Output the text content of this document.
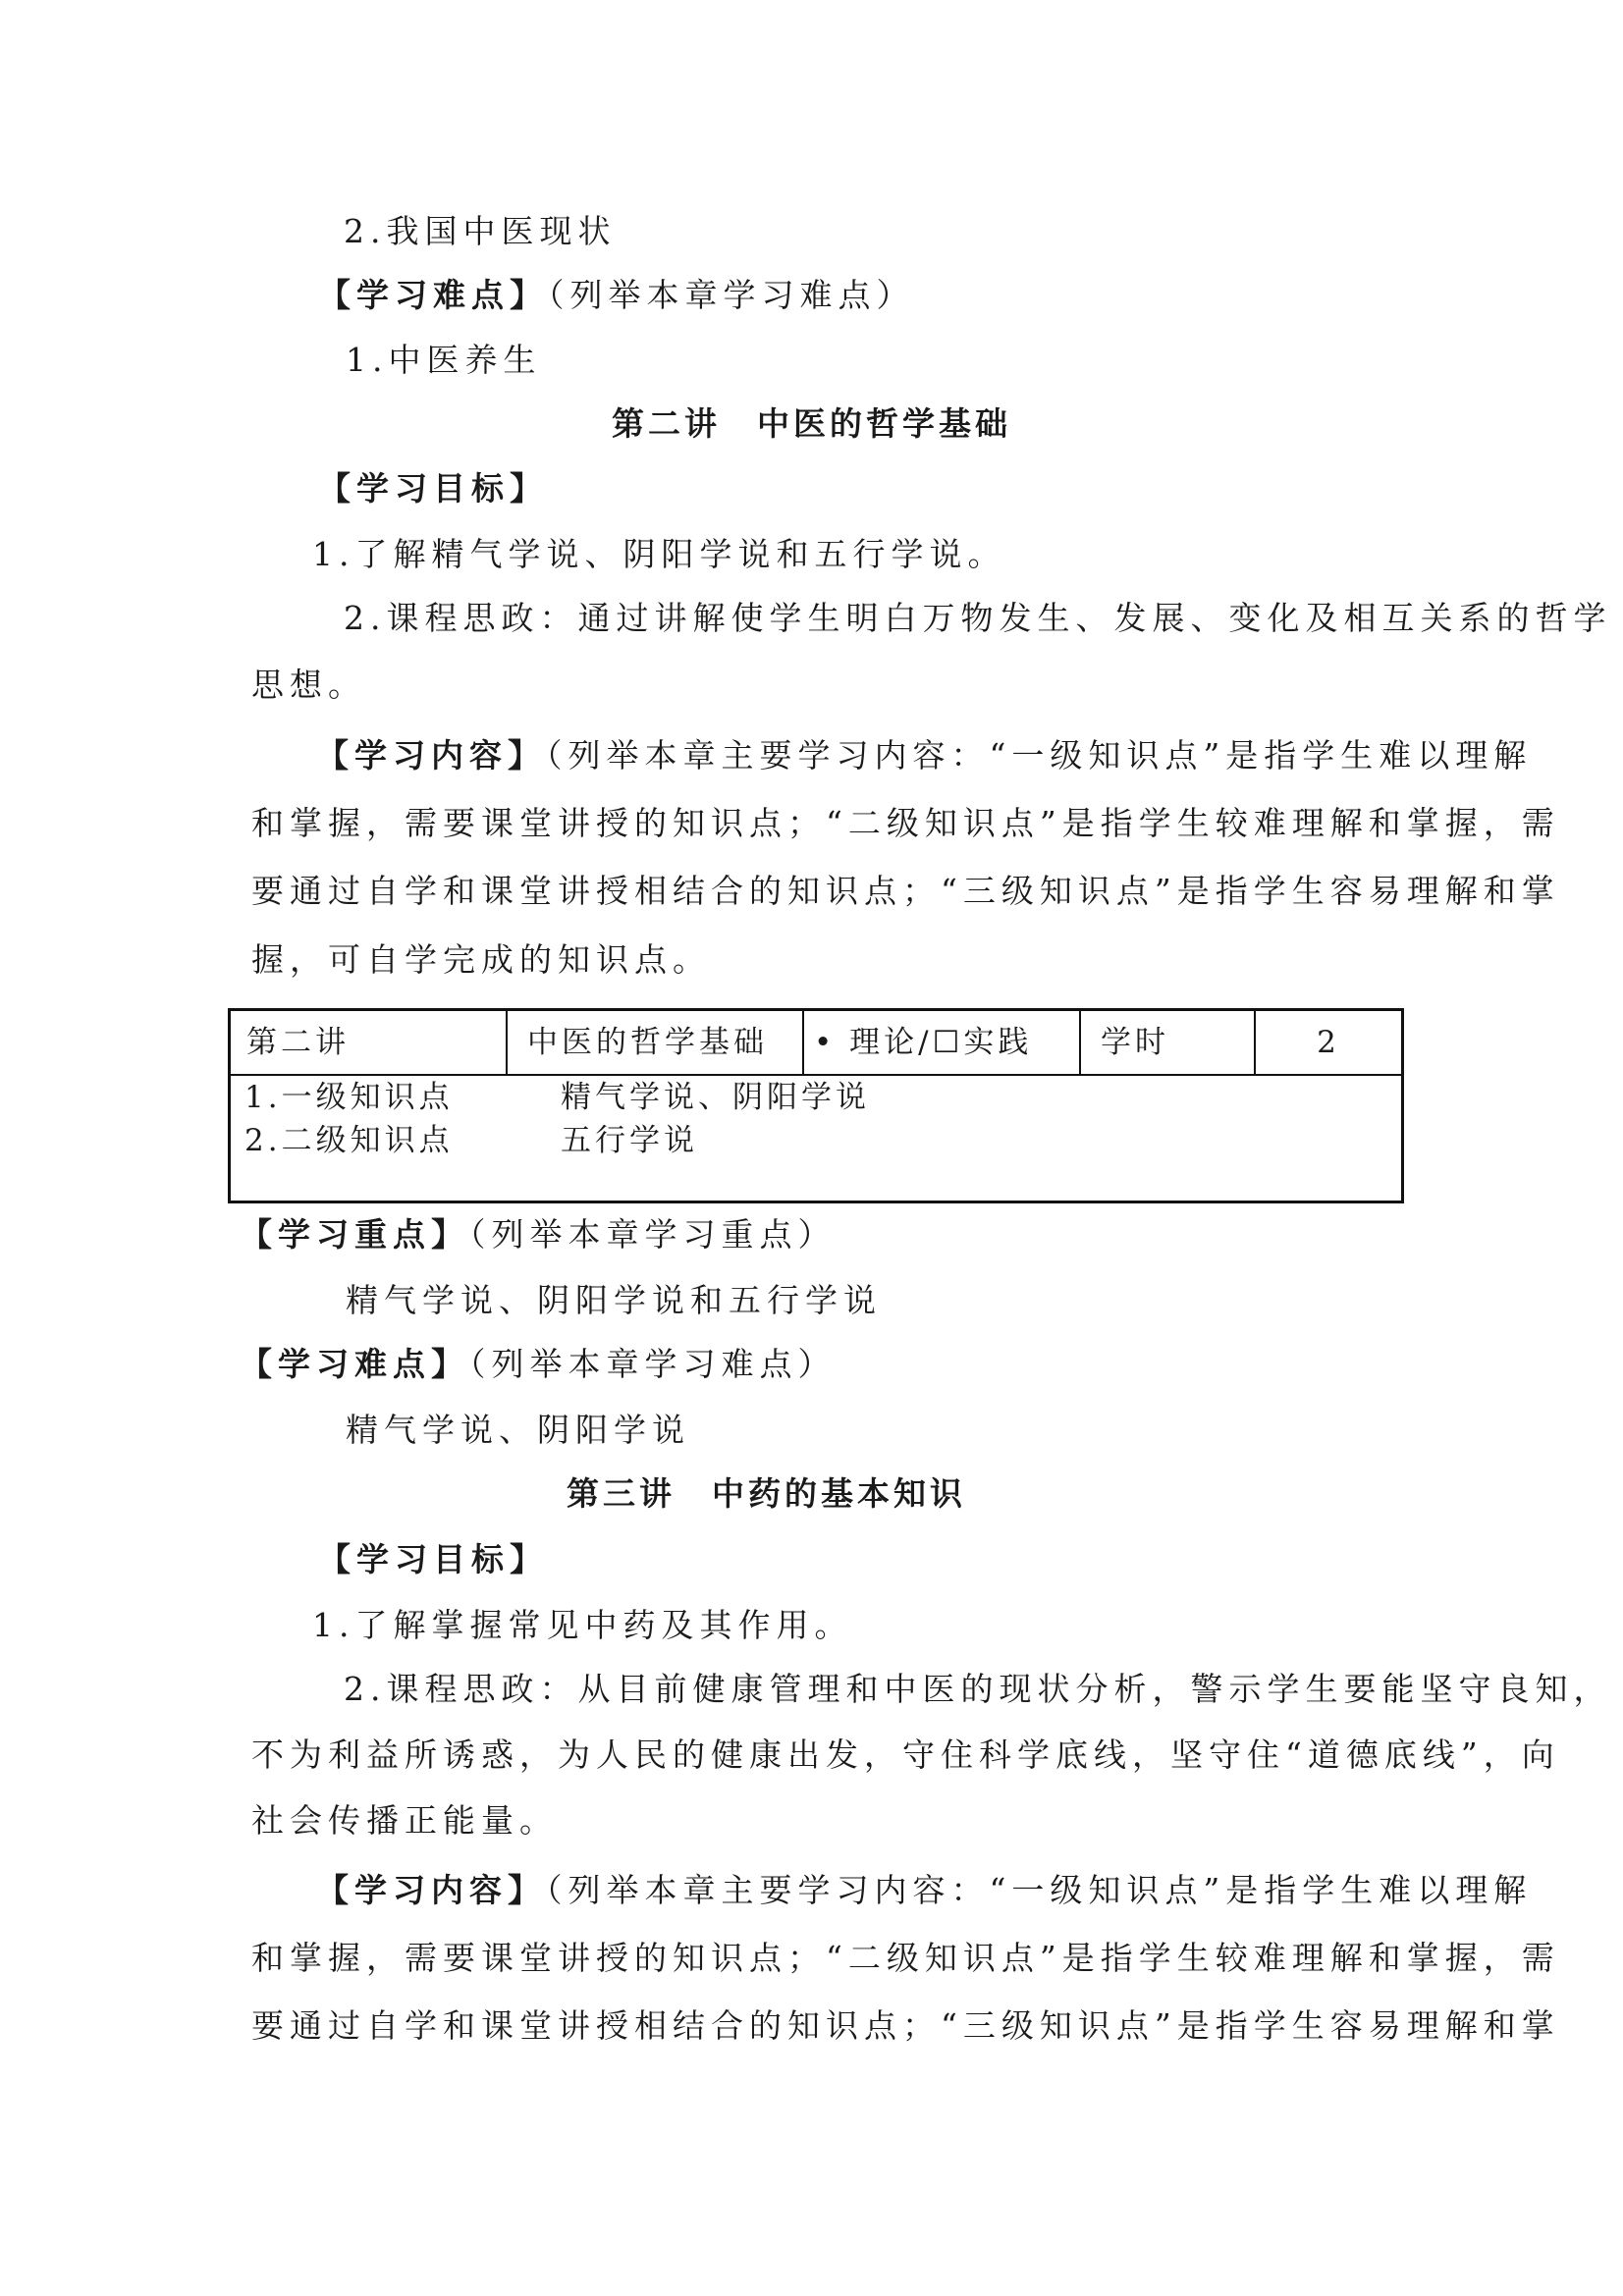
2.我国中医现状
【学习难点】（列举本章学习难点）
1.中医养生
第二讲　中医的哲学基础
【学习目标】
1.了解精气学说、阴阳学说和五行学说。
2.课程思政：通过讲解使学生明白万物发生、发展、变化及相互关系的哲学
思想。
【学习内容】（列举本章主要学习内容：“一级知识点”是指学生难以理解
和掌握，需要课堂讲授的知识点；“二级知识点”是指学生较难理解和掌握，需
要通过自学和课堂讲授相结合的知识点；“三级知识点”是指学生容易理解和掌
握，可自学完成的知识点。
第二讲	中医的哲学基础	• 理论/☐实践	学时	2
1.一级知识点	精气学说、阴阳学说
2.二级知识点	五行学说
【学习重点】（列举本章学习重点）
精气学说、阴阳学说和五行学说
【学习难点】（列举本章学习难点）
精气学说、阴阳学说
第三讲　中药的基本知识
【学习目标】
1.了解掌握常见中药及其作用。
2.课程思政：从目前健康管理和中医的现状分析，警示学生要能坚守良知，
不为利益所诱惑，为人民的健康出发，守住科学底线，坚守住“道德底线”，向
社会传播正能量。
【学习内容】（列举本章主要学习内容：“一级知识点”是指学生难以理解
和掌握，需要课堂讲授的知识点；“二级知识点”是指学生较难理解和掌握，需
要通过自学和课堂讲授相结合的知识点；“三级知识点”是指学生容易理解和掌
